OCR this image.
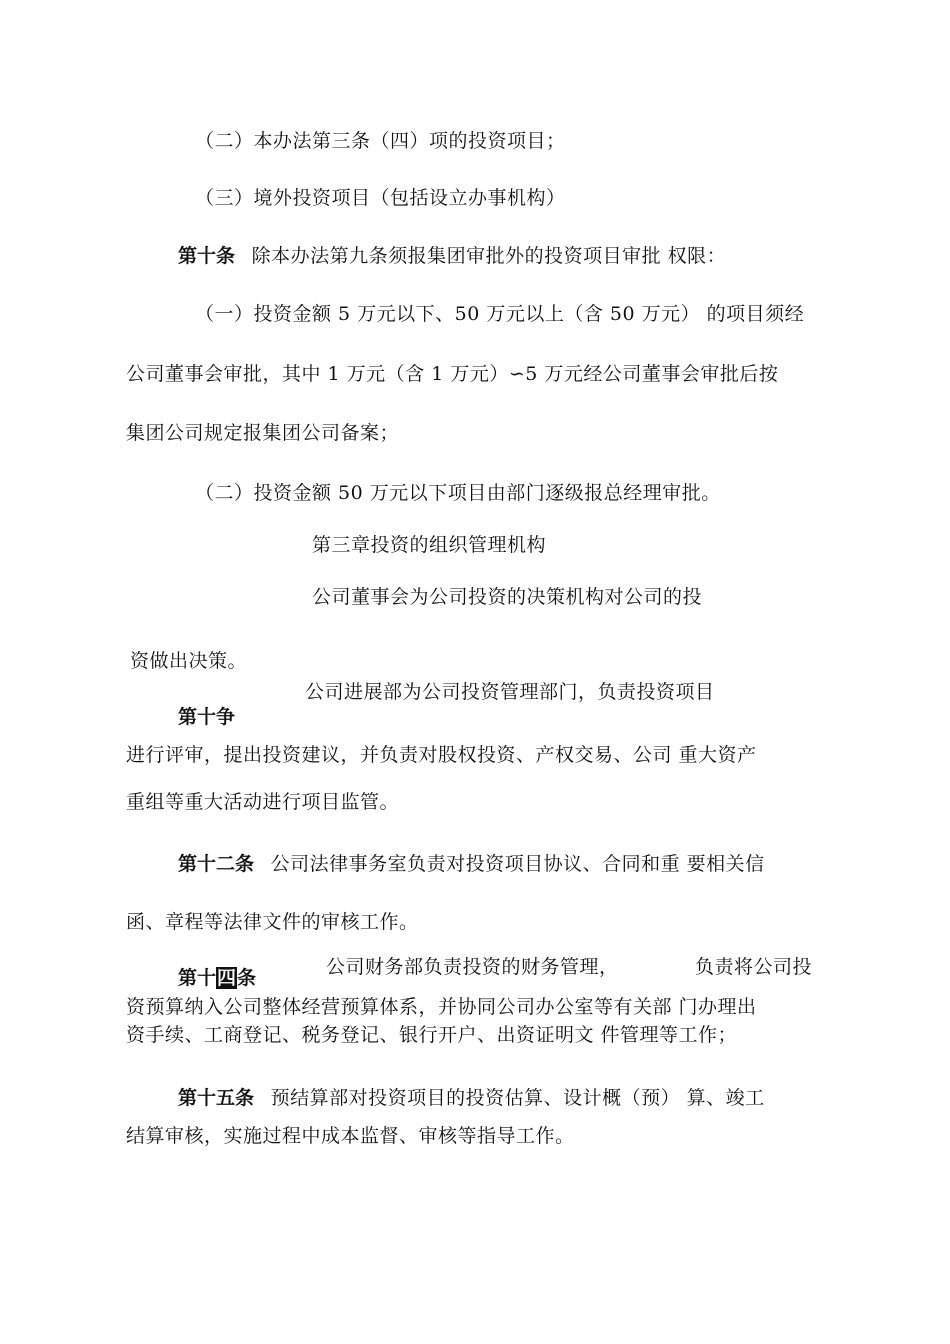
（二）本办法第三条（四）项的投资项目；
（三）境外投资项目（包括设立办事机构）
第十条 除本办法第九条须报集团审批外的投资项目审批 权限：
（一）投资金额 5 万元以下、50 万元以上（含 50 万元） 的项目须经
公司董事会审批，其中 1 万元（含 1 万元）∽5 万元经公司董事会审批后按
集团公司规定报集团公司备案；
（二）投资金额 50 万元以下项目由部门逐级报总经理审批。
第三章投资的组织管理机构
公司董事会为公司投资的决策机构对公司的投
资做出决策。
公司进展部为公司投资管理部门，负责投资项目
第十争
进行评审，提出投资建议，并负责对股权投资、产权交易、公司 重大资产
重组等重大活动进行项目监管。
第十二条 公司法律事务室负责对投资项目协议、合同和重 要相关信
函、章程等法律文件的审核工作。
公司财务部负责投资的财务管理，	负责将公司投
第十四条
资预算纳入公司整体经营预算体系，并协同公司办公室等有关部 门办理出
资手续、工商登记、税务登记、银行开户、出资证明文 件管理等工作；
第十五条 预结算部对投资项目的投资估算、设计概（预） 算、竣工
结算审核，实施过程中成本监督、审核等指导工作。
